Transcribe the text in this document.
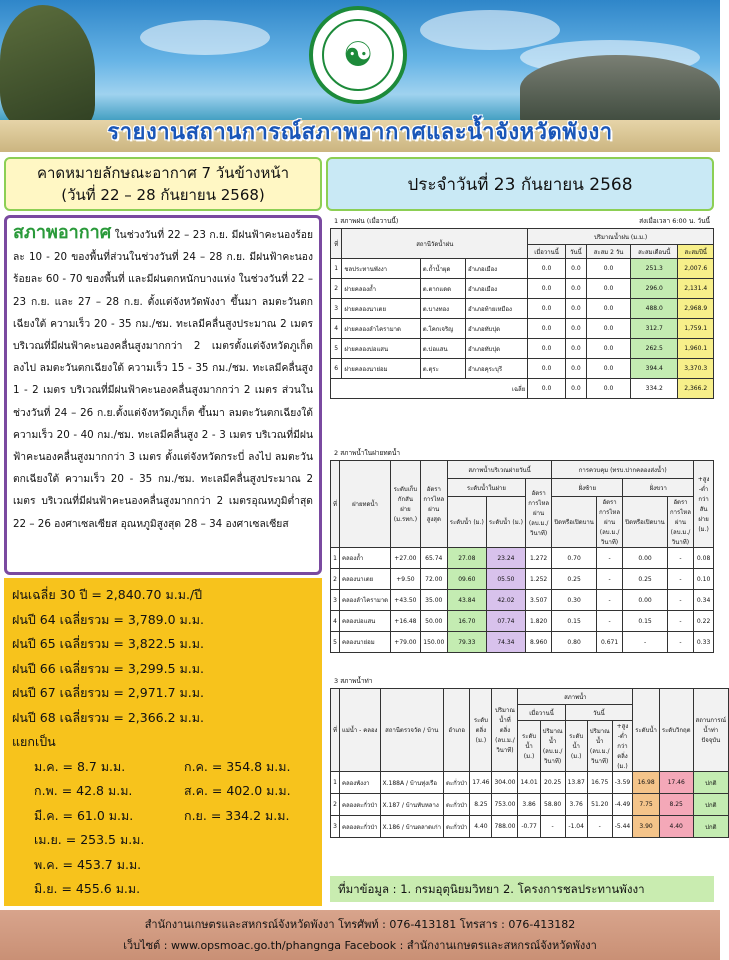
☯
รายงานสถานการณ์สภาพอากาศและน้ำจังหวัดพังงา
คาดหมายลักษณะอากาศ 7 วันข้างหน้า
(วันที่ 22 – 28 กันยายน 2568)
ประจำวันที่ 23 กันยายน 2568
สภาพอากาศ ในช่วงวันที่ 22 – 23 ก.ย. มีฝนฟ้าคะนองร้อยละ 10 - 20 ของพื้นที่ส่วนในช่วงวันที่ 24 – 28 ก.ย. มีฝนฟ้าคะนองร้อยละ 60 - 70 ของพื้นที่ และมีฝนตกหนักบางแห่ง ในช่วงวันที่ 22 – 23 ก.ย. และ 27 – 28 ก.ย. ตั้งแต่จังหวัดพังงา ขึ้นมา ลมตะวันตกเฉียงใต้ ความเร็ว 20 - 35 กม./ชม. ทะเลมีคลื่นสูงประมาณ 2 เมตร บริเวณที่มีฝนฟ้าคะนองคลื่นสูงมากกว่า 2 เมตรตั้งแต่จังหวัดภูเก็ต ลงไป ลมตะวันตกเฉียงใต้ ความเร็ว 15 - 35 กม./ชม. ทะเลมีคลื่นสูง 1 - 2 เมตร บริเวณที่มีฝนฟ้าคะนองคลื่นสูงมากกว่า 2 เมตร ส่วนในช่วงวันที่ 24 – 26 ก.ย.ตั้งแต่จังหวัดภูเก็ต ขึ้นมา ลมตะวันตกเฉียงใต้ ความเร็ว 20 - 40 กม./ชม. ทะเลมีคลื่นสูง 2 - 3 เมตร บริเวณที่มีฝนฟ้าคะนองคลื่นสูงมากกว่า 3 เมตร ตั้งแต่จังหวัดกระบี่ ลงไป ลมตะวันตกเฉียงใต้ ความเร็ว 20 - 35 กม./ชม. ทะเลมีคลื่นสูงประมาณ 2 เมตร บริเวณที่มีฝนฟ้าคะนองคลื่นสูงมากกว่า 2 เมตรอุณหภูมิต่ำสุด 22 – 26 องศาเซลเซียส อุณหภูมิสูงสุด 28 – 34 องศาเซลเซียส
ฝนเฉลี่ย 30 ปี = 2,840.70 ม.ม./ปี
ฝนปี 64 เฉลี่ยรวม = 3,789.0 ม.ม.
ฝนปี 65 เฉลี่ยรวม = 3,822.5 ม.ม.
ฝนปี 66 เฉลี่ยรวม = 3,299.5 ม.ม.
ฝนปี 67 เฉลี่ยรวม = 2,971.7 ม.ม.
ฝนปี 68 เฉลี่ยรวม = 2,366.2 ม.ม.
แยกเป็น
ม.ค. = 8.7 ม.ม.	ก.ค. = 354.8 ม.ม.
ก.พ. = 42.8 ม.ม.	ส.ค. = 402.0 ม.ม.
มี.ค. = 61.0 ม.ม.	ก.ย. = 334.2 ม.ม.
เม.ย. = 253.5 ม.ม.
พ.ค. = 453.7 ม.ม.
มิ.ย. = 455.6 ม.ม.
1 สภาพฝน (เมื่อวานนี้)	ส่งเมื่อเวลา 6:00 น. วันนี้
ที่	สถานีวัดน้ำฝน			ปริมาณน้ำฝน (ม.ม.)				
				เมื่อวานนี้	วันนี้	สะสม 2 วัน	สะสมเดือนนี้	สะสมปีนี้
1	ชลประทานพังงา	ต.ถ้ำน้ำผุด	อำเภอเมือง	0.0	0.0	0.0	251.3	2,007.6
2	ฝายคลองถ้ำ	ต.ตากแดด	อำเภอเมือง	0.0	0.0	0.0	296.0	2,131.4
3	ฝายคลองนาเตย	ต.บางทอง	อำเภอท้ายเหมือง	0.0	0.0	0.0	488.0	2,968.9
4	ฝายคลองลำไครามาด	ต.โคกเจริญ	อำเภอทับปุด	0.0	0.0	0.0	312.7	1,759.1
5	ฝายคลองบ่อแสน	ต.บ่อแสน	อำเภอทับปุด	0.0	0.0	0.0	262.5	1,960.1
6	ฝายคลองนาย่อม	ต.ตุระ	อำเภอคุระบุรี	0.0	0.0	0.0	394.4	3,370.3
เฉลี่ย				0.0	0.0	0.0	334.2	2,366.2
2 สภาพน้ำในฝายทดน้ำ
ที่	ฝายทดน้ำ	ระดับเก็บกักสันฝาย (ม.รทก.)	อัตราการไหลผ่านสูงสุด	สภาพน้ำบริเวณฝายวันนี้			การควบคุม (ทรบ.ปากคลองส่งน้ำ)				+สูง -ต่ำกว่า สันฝาย (ม.)
				ระดับน้ำในฝาย		อัตราการไหลผ่าน (ลบ.ม./วินาที)	ฝั่งซ้าย		ฝั่งขวา		
				ระดับน้ำ (ม.)	ระดับน้ำ (ม.)		ปิดหรือเปิดบาน	อัตราการไหลผ่าน (ลบ.ม./วินาที)	ปิดหรือเปิดบาน	อัตราการไหลผ่าน (ลบ.ม./วินาที)	
1	คลองถ้ำ	+27.00	65.74	27.08	23.24	1.272	0.70	-	0.00	-	0.08
2	คลองนาเตย	+9.50	72.00	09.60	05.50	1.252	0.25	-	0.25	-	0.10
3	คลองลำไครามาด	+43.50	35.00	43.84	42.02	3.507	0.30	-	0.00	-	0.34
4	คลองบ่อแสน	+16.48	50.00	16.70	07.74	1.820	0.15	-	0.15	-	0.22
5	คลองนาย่อม	+79.00	150.00	79.33	74.34	8.960	0.80	0.671	-	-	0.33
3 สภาพน้ำท่า
ที่	แม่น้ำ - คลอง	สถานีตรวจวัด / บ้าน	อำเภอ	ระดับตลิ่ง (ม.)	ปริมาณน้ำที่ตลิ่ง (ลบ.ม./วินาที)	สภาพน้ำ					ระดับน้ำ	ระดับวิกฤต	สถานการณ์น้ำท่าปัจจุบัน
						เมื่อวานนี้		วันนี้					
						ระดับน้ำ (ม.)	ปริมาณน้ำ (ลบ.ม./วินาที)	ระดับน้ำ (ม.)	ปริมาณน้ำ (ลบ.ม./วินาที)	+สูง -ต่ำกว่าตลิ่ง (ม.)			
1	คลองพังงา	X.188A / บ้านทุ่งเรือ	ตะกั่วป่า	17.46	304.00	14.01	20.25	13.87	16.75	-3.59	16.98	17.46	ปกติ
2	คลองตะกั่วป่า	X.187 / บ้านทับหลาง	ตะกั่วป่า	8.25	753.00	3.86	58.80	3.76	51.20	-4.49	7.75	8.25	ปกติ
3	คลองตะกั่วป่า	X.186 / บ้านตลาดเก่า	ตะกั่วป่า	4.40	788.00	-0.77	-	-1.04	-	-5.44	3.90	4.40	ปกติ
ที่มาข้อมูล : 1. กรมอุตุนิยมวิทยา 2. โครงการชลประทานพังงา
สำนักงานเกษตรและสหกรณ์จังหวัดพังงา โทรศัพท์ : 076-413181 โทรสาร : 076-413182
เว็บไซต์ : www.opsmoac.go.th/phangnga Facebook : สำนักงานเกษตรและสหกรณ์จังหวัดพังงา
